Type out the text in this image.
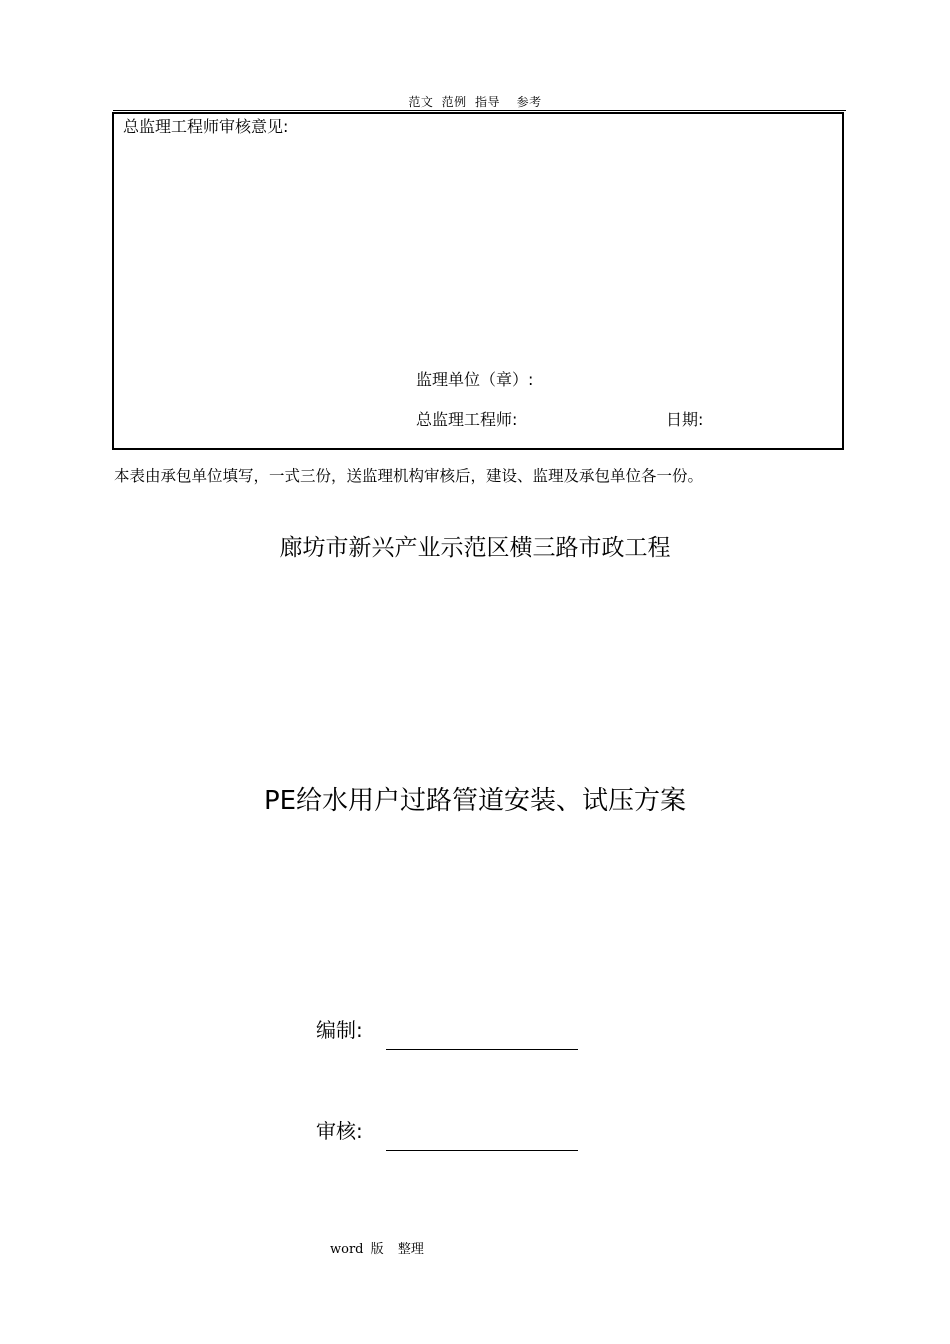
范文 范例 指导  参考
总监理工程师审核意见:
监理单位（章）:
总监理工程师:	日期:
本表由承包单位填写，一式三份，送监理机构审核后，建设、监理及承包单位各一份。
廊坊市新兴产业示范区横三路市政工程
PE给水用户过路管道安装、试压方案
编制:
审核:
word 版  整理
